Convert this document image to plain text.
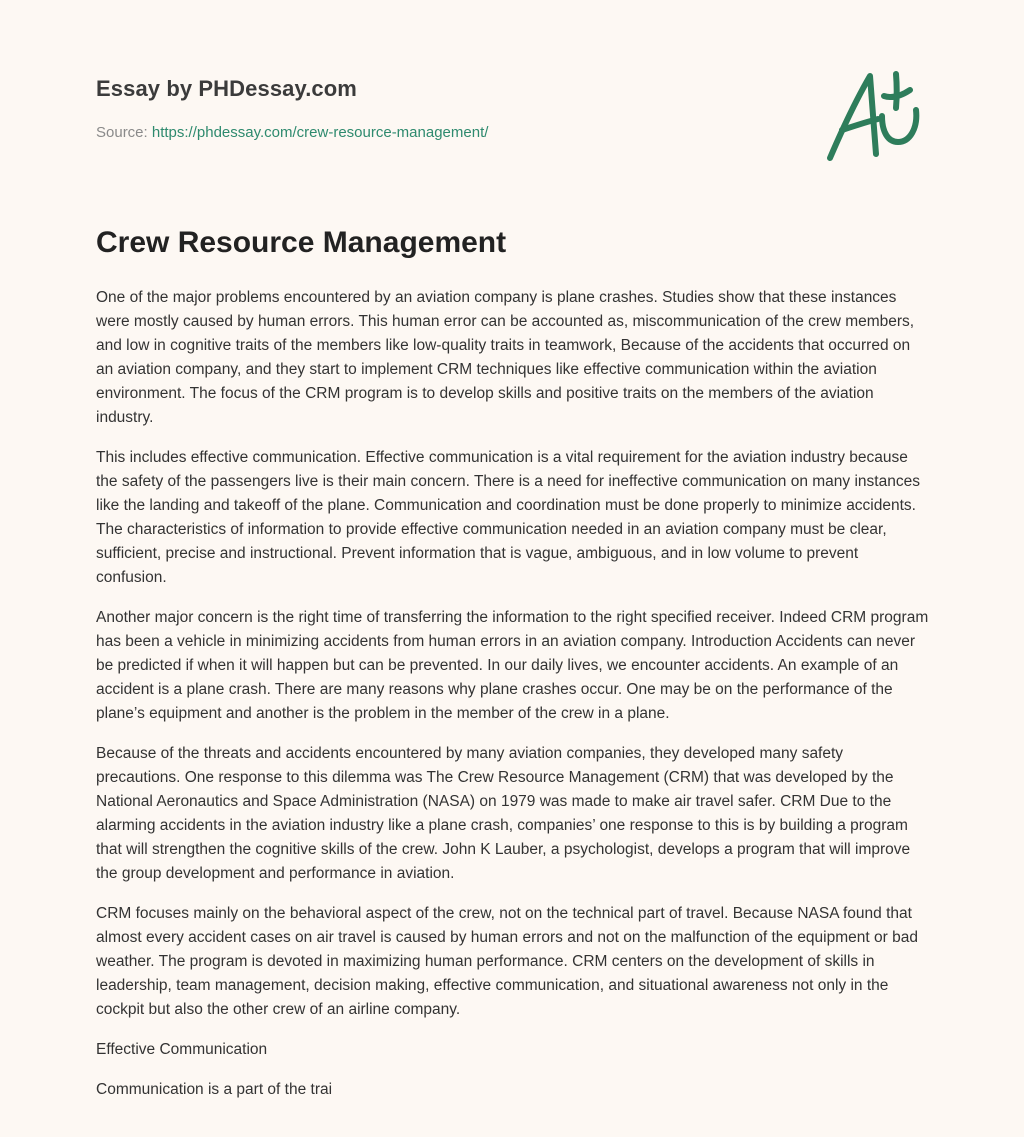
Essay by PHDessay.com

Source: https://phdessay.com/crew-resource-management/

Crew Resource Management

One of the major problems encountered by an aviation company is plane crashes. Studies show that these instances were mostly caused by human errors. This human error can be accounted as, miscommunication of the crew members, and low in cognitive traits of the members like low-quality traits in teamwork, Because of the accidents that occurred on an aviation company, and they start to implement CRM techniques like effective communication within the aviation environment. The focus of the CRM program is to develop skills and positive traits on the members of the aviation industry.

This includes effective communication. Effective communication is a vital requirement for the aviation industry because the safety of the passengers live is their main concern. There is a need for ineffective communication on many instances like the landing and takeoff of the plane. Communication and coordination must be done properly to minimize accidents. The characteristics of information to provide effective communication needed in an aviation company must be clear, sufficient, precise and instructional. Prevent information that is vague, ambiguous, and in low volume to prevent confusion.

Another major concern is the right time of transferring the information to the right specified receiver. Indeed CRM program has been a vehicle in minimizing accidents from human errors in an aviation company. Introduction Accidents can never be predicted if when it will happen but can be prevented. In our daily lives, we encounter accidents. An example of an accident is a plane crash. There are many reasons why plane crashes occur. One may be on the performance of the plane’s equipment and another is the problem in the member of the crew in a plane.

Because of the threats and accidents encountered by many aviation companies, they developed many safety precautions. One response to this dilemma was The Crew Resource Management (CRM) that was developed by the National Aeronautics and Space Administration (NASA) on 1979 was made to make air travel safer. CRM Due to the alarming accidents in the aviation industry like a plane crash, companies’ one response to this is by building a program that will strengthen the cognitive skills of the crew. John K Lauber, a psychologist, develops a program that will improve the group development and performance in aviation.

CRM focuses mainly on the behavioral aspect of the crew, not on the technical part of travel. Because NASA found that almost every accident cases on air travel is caused by human errors and not on the malfunction of the equipment or bad weather. The program is devoted in maximizing human performance. CRM centers on the development of skills in leadership, team management, decision making, effective communication, and situational awareness not only in the cockpit but also the other crew of an airline company.

Effective Communication

Communication is a part of the trai
